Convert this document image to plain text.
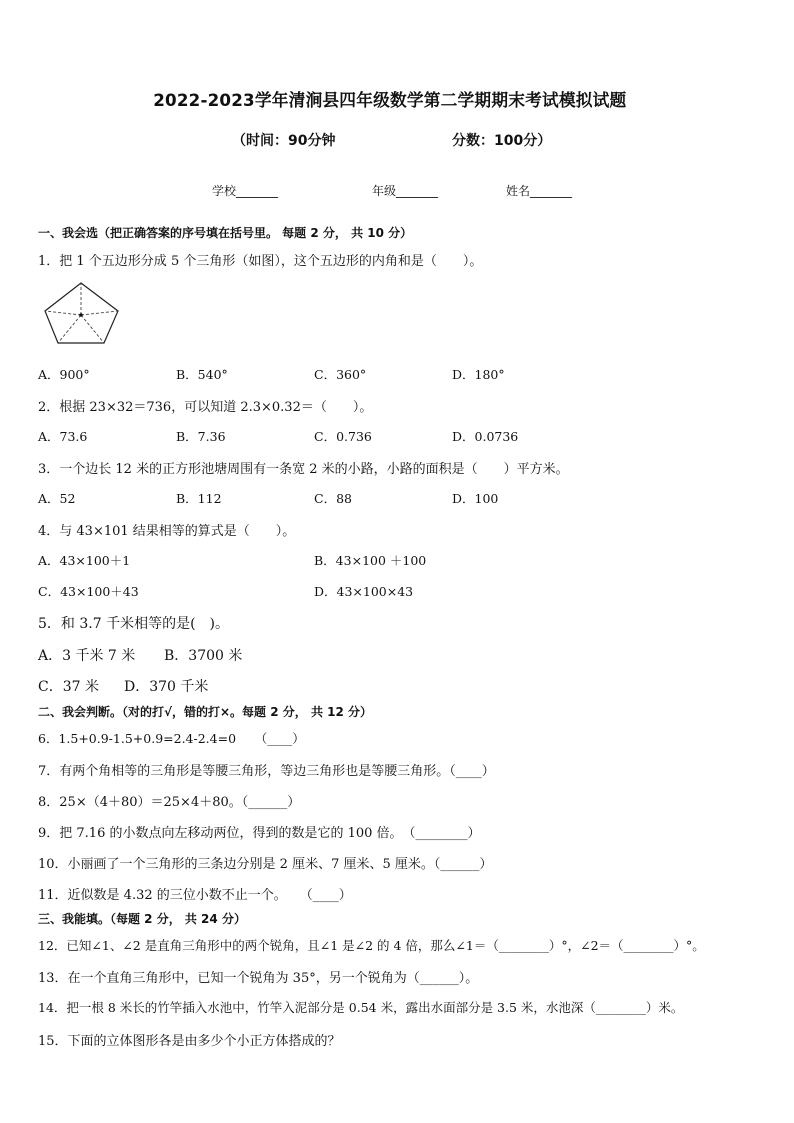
2022-2023学年清涧县四年级数学第二学期期末考试模拟试题
（时间：90分钟	分数：100分）
学校_______	年级_______	姓名_______
一、我会选（把正确答案的序号填在括号里。 每题 2 分， 共 10 分）
1．把 1 个五边形分成 5 个三角形（如图），这个五边形的内角和是（　　）。
A．900°	B．540°	C．360°	D．180°
2．根据 23×32＝736，可以知道 2.3×0.32＝（　　）。
A．73.6	B．7.36	C．0.736	D．0.0736
3．一个边长 12 米的正方形池塘周围有一条宽 2 米的小路，小路的面积是（　　）平方米。
A．52	B．112	C．88	D．100
4．与 43×101 结果相等的算式是（　　）。
A．43×100＋1	B．43×100 ＋100
C．43×100＋43	D．43×100×43
5．和 3.7 千米相等的是(　)。
A．3 千米 7 米 B．3700 米
C．37 米 D．370 千米
二、我会判断。（对的打√，错的打×。每题 2 分， 共 12 分）
6．1.5+0.9-1.5+0.9=2.4-2.4=0　　（____）
7．有两个角相等的三角形是等腰三角形，等边三角形也是等腰三角形。（____）
8．25×（4＋80）＝25×4＋80。（______）
9．把 7.16 的小数点向左移动两位，得到的数是它的 100 倍。　（________）
10．小丽画了一个三角形的三条边分别是 2 厘米、7 厘米、5 厘米。（______）
11．近似数是 4.32 的三位小数不止一个。　　（____）
三、我能填。（每题 2 分， 共 24 分）
12．已知∠1、∠2 是直角三角形中的两个锐角，且∠1 是∠2 的 4 倍，那么∠1＝（________）°，∠2＝（________）°。
13．在一个直角三角形中，已知一个锐角为 35°，另一个锐角为（______）。
14．把一根 8 米长的竹竿插入水池中，竹竿入泥部分是 0.54 米，露出水面部分是 3.5 米，水池深（________）米。
15．下面的立体图形各是由多少个小正方体搭成的？
